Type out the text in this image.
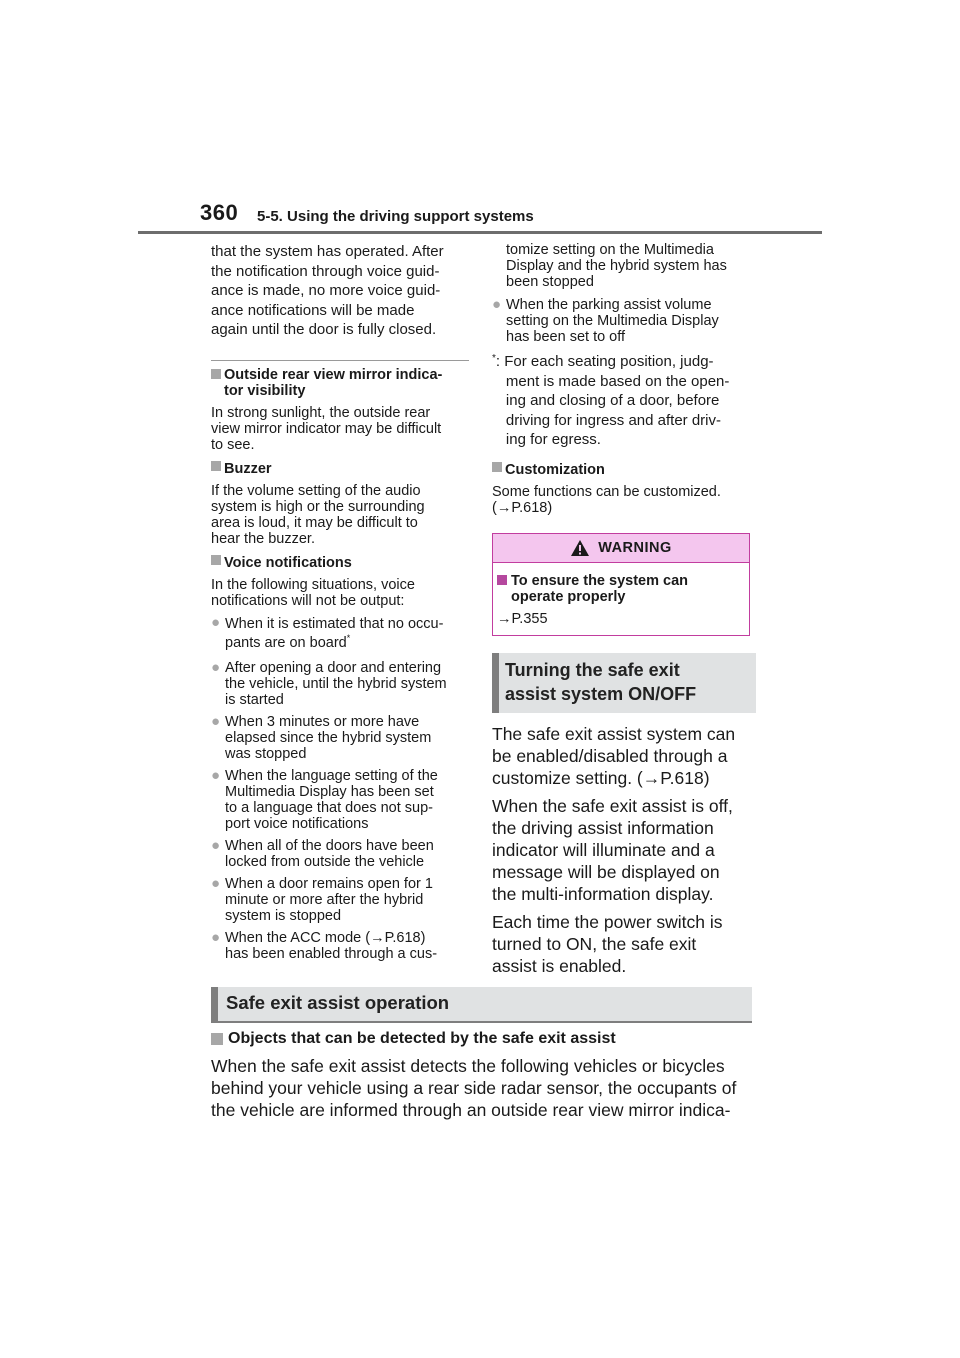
360 5-5. Using the driving support systems

that the system has operated. After

the notification through voice guid-

ance is made, no more voice guid-

ance notifications will be made

again until the door is fully closed.

Outside rear view mirror indica-
tor visibility

In strong sunlight, the outside rear

view mirror indicator may be difficult

to see.

Buzzer

If the volume setting of the audio

system is high or the surrounding

area is loud, it may be difficult to

hear the buzzer.

Voice notifications

In the following situations, voice

notifications will not be output:

● When it is estimated that no occu-
pants are on board*
● After opening a door and entering
the vehicle, until the hybrid system
is started
● When 3 minutes or more have
elapsed since the hybrid system
was stopped
● When the language setting of the
Multimedia Display has been set
to a language that does not sup-
port voice notifications
● When all of the doors have been
locked from outside the vehicle
● When a door remains open for 1
minute or more after the hybrid
system is stopped
● When the ACC mode (→P.618)
has been enabled through a cus-

tomize setting on the Multimedia

Display and the hybrid system has

been stopped

● When the parking assist volume
setting on the Multimedia Display
has been set to off
* : For each seating position, judg-

ment is made based on the open-

ing and closing of a door, before

driving for ingress and after driv-

ing for egress.

Customization

Some functions can be customized.

(→P.618)

WARNING
To ensure the system can
operate properly

→P.355

Turning the safe exit
assist system ON/OFF

The safe exit assist system can

be enabled/disabled through a

customize setting. (→P.618)

When the safe exit assist is off,

the driving assist information

indicator will illuminate and a

message will be displayed on

the multi-information display.

Each time the power switch is

turned to ON, the safe exit

assist is enabled.

Safe exit assist operation
Objects that can be detected by the safe exit assist

When the safe exit assist detects the following vehicles or bicycles

behind your vehicle using a rear side radar sensor, the occupants of

the vehicle are informed through an outside rear view mirror indica-
